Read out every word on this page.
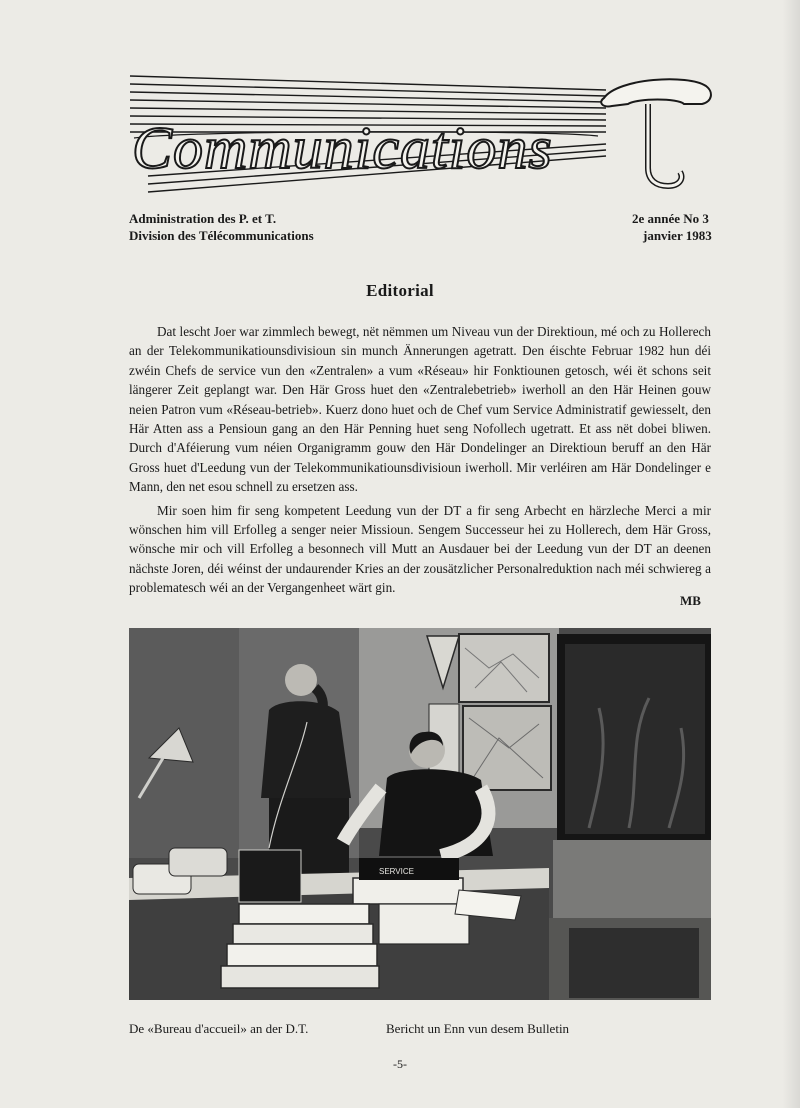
Communications
Administration des P. et T.
Division des Télécommunications
2e année No 3
janvier 1983
Editorial

Dat lescht Joer war zimmlech bewegt, nët nëmmen um Niveau vun der Direktioun, mé och zu Hollerech an der Telekommunikatiounsdivisioun sin munch Ännerungen agetratt. Den éischte Februar 1982 hun déi zwéin Chefs de service vun den «Zentralen» a vum «Réseau» hir Fonktiounen getosch, wéi ët schons seit längerer Zeit geplangt war. Den Här Gross huet den «Zentralebetrieb» iwerholl an den Här Heinen gouw neien Patron vum «Réseau-betrieb». Kuerz dono huet och de Chef vum Service Administratif gewiesselt, den Här Atten ass a Pensioun gang an den Här Penning huet seng Nofollech ugetratt. Et ass nët dobei bliwen. Durch d'Aféierung vum néien Organigramm gouw den Här Dondelinger an Direktioun beruff an den Här Gross huet d'Leedung vun der Telekommunikatiounsdivisioun iwerholl. Mir verléiren am Här Dondelinger e Mann, den net esou schnell zu ersetzen ass.

Mir soen him fir seng kompetent Leedung vun der DT a fir seng Arbecht en härzleche Merci a mir wönschen him vill Erfolleg a senger neier Missioun. Sengem Successeur hei zu Hollerech, dem Här Gross, wönsche mir och vill Erfolleg a besonnech vill Mutt an Ausdauer bei der Leedung vun der DT an deenen nächste Joren, déi wéinst der undaurender Kries an der zousätzlicher Personalreduktion nach méi schwiereg a problematesch wéi an der Vergangenheet wärt gin.

MB
SERVICE
De «Bureau d'accueil» an der D.T.	Bericht un Enn vun desem Bulletin
-5-
